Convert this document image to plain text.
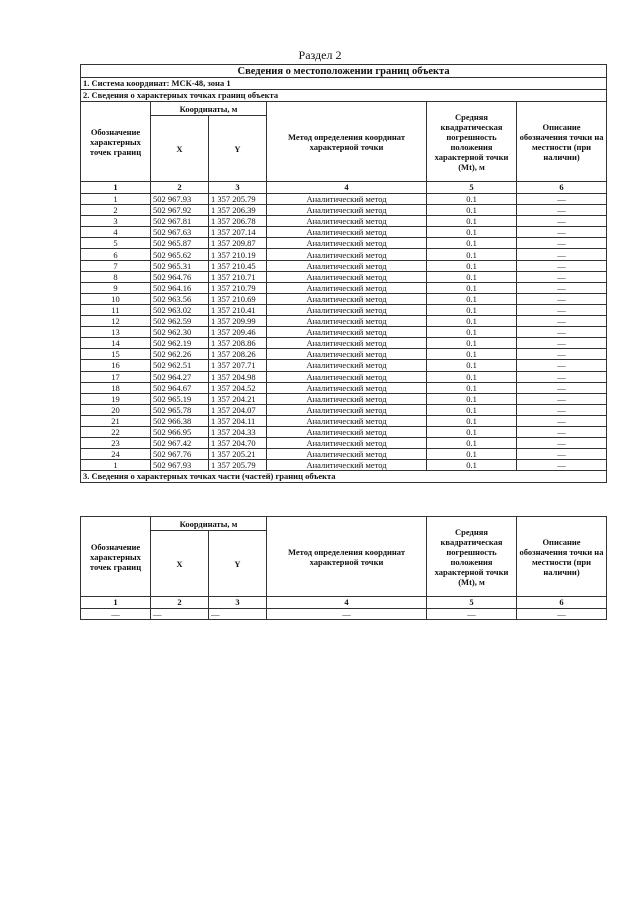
Раздел 2
Сведения о местоположении границ объекта					
1. Система координат: МСК-48, зона 1					
2. Сведения о характерных точках границ объекта					
Обозначение характерных точек границ	Координаты, м		Метод определения координат характерной точки	Средняя квадратическая погрешность положения характерной точки (Mt), м	Описание обозначения точки на местности (при наличии)
	X	Y			
1	2	3	4	5	6
1	502 967.93	1 357 205.79	Аналитический метод	0.1	—
2	502 967.92	1 357 206.39	Аналитический метод	0.1	—
3	502 967.81	1 357 206.78	Аналитический метод	0.1	—
4	502 967.63	1 357 207.14	Аналитический метод	0.1	—
5	502 965.87	1 357 209.87	Аналитический метод	0.1	—
6	502 965.62	1 357 210.19	Аналитический метод	0.1	—
7	502 965.31	1 357 210.45	Аналитический метод	0.1	—
8	502 964.76	1 357 210.71	Аналитический метод	0.1	—
9	502 964.16	1 357 210.79	Аналитический метод	0.1	—
10	502 963.56	1 357 210.69	Аналитический метод	0.1	—
11	502 963.02	1 357 210.41	Аналитический метод	0.1	—
12	502 962.59	1 357 209.99	Аналитический метод	0.1	—
13	502 962.30	1 357 209.46	Аналитический метод	0.1	—
14	502 962.19	1 357 208.86	Аналитический метод	0.1	—
15	502 962.26	1 357 208.26	Аналитический метод	0.1	—
16	502 962.51	1 357 207.71	Аналитический метод	0.1	—
17	502 964.27	1 357 204.98	Аналитический метод	0.1	—
18	502 964.67	1 357 204.52	Аналитический метод	0.1	—
19	502 965.19	1 357 204.21	Аналитический метод	0.1	—
20	502 965.78	1 357 204.07	Аналитический метод	0.1	—
21	502 966.38	1 357 204.11	Аналитический метод	0.1	—
22	502 966.95	1 357 204.33	Аналитический метод	0.1	—
23	502 967.42	1 357 204.70	Аналитический метод	0.1	—
24	502 967.76	1 357 205.21	Аналитический метод	0.1	—
1	502 967.93	1 357 205.79	Аналитический метод	0.1	—
3. Сведения о характерных точках части (частей) границ объекта					
Обозначение характерных точек границ	Координаты, м		Метод определения координат характерной точки	Средняя квадратическая погрешность положения характерной точки (Mt), м	Описание обозначения точки на местности (при наличии)
	X	Y			
1	2	3	4	5	6
—	—	—	—	—	—
